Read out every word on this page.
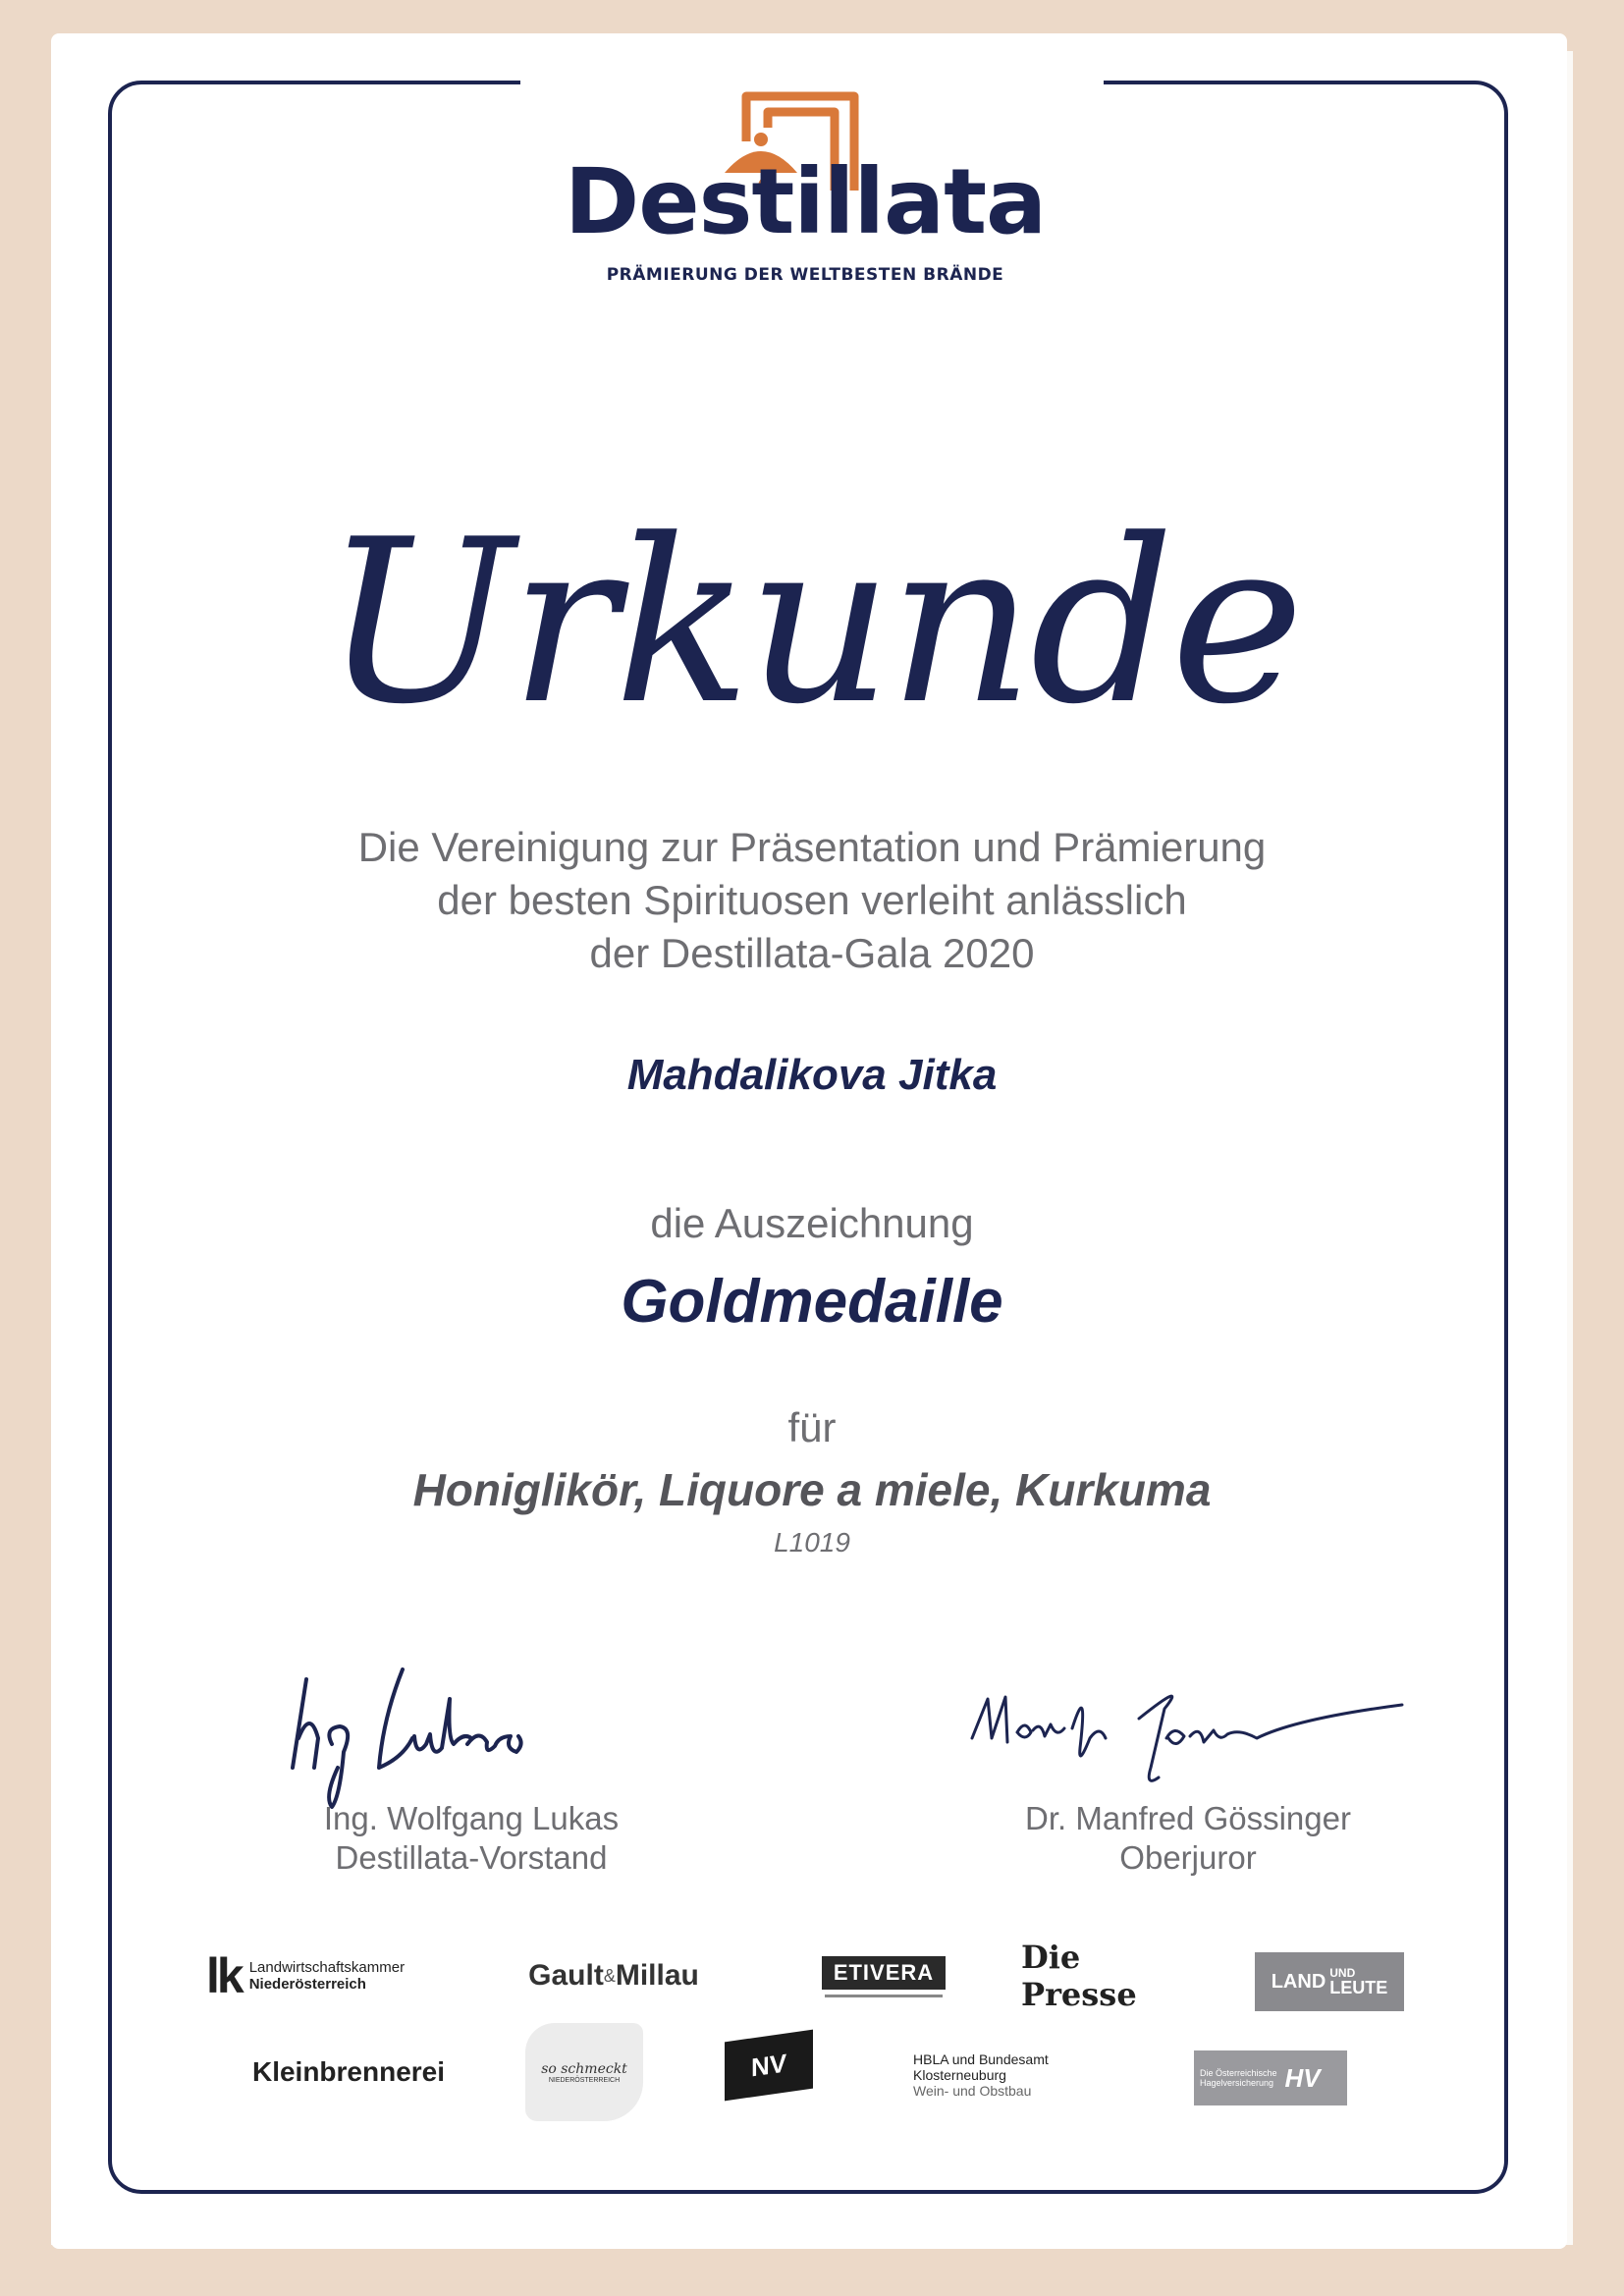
Destillata
PRÄMIERUNG DER WELTBESTEN BRÄNDE
Urkunde
Die Vereinigung zur Präsentation und Prämierung
der besten Spirituosen verleiht anlässlich
der Destillata-Gala 2020
Mahdalikova Jitka
die Auszeichnung
Goldmedaille
für
Honiglikör, Liquore a miele, Kurkuma
L1019
Ing. Wolfgang Lukas
Destillata-Vorstand
Dr. Manfred Gössinger
Oberjuror
lk Landwirtschaftskammer
Niederösterreich	Gault & Millau	ETIVERA	Die Presse	LAND UND
LEUTE
Kleinbrennerei	so schmeckt
NIEDERÖSTERREICH	NV	HBLA und Bundesamt
Klosterneuburg
Wein- und Obstbau
Die Österreichische
Hagelversicherung HV
